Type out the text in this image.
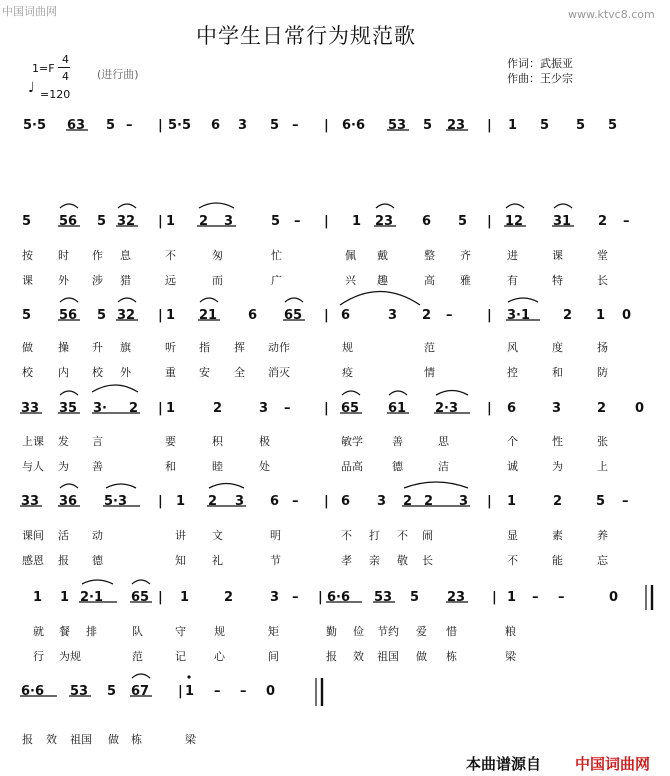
中国词曲网	www.ktvc8.com
中学生日常行为规范歌
1=F
4
4	(进行曲)
♩ =120
作词：武振亚
作曲：王少宗
5·5 63 5 – | 5·5 6 3 5 – | 6·6 53 5 23 | 1 5 5 5
5 56 5 32 | 1 2 3	5 – | 1 23 6 5 | 12 31 2 –
5 56 5 32 | 1 21 6 65 | 6	3 2 –	| 3·1	2 1 0
33 35 3· 2 | 1	2	3 –	| 65 61 2·3 | 6	3	2 0
33 36 5·3 | 1 2 3 6 – | 6 3 2 2 3 | 1	2	5 –
1 1 2·1 65 | 1	2	3 – | 6·6 53 5 23 | 1 – –	0
6·6 53 5 67 | 1 – – 0
按 时 作 息	不	匆	忙	佩 戴	整 齐	进	课	堂
课 外 涉 猎	远	而	广	兴 趣	高 雅	有	特	长
做 操 升 旗	听 指 挥 动作	规	范	风	度	扬
校 内 校 外	重 安 全 消灭	疫	情	控	和	防
上课 发 言	要	积	极	敏学	善	思	个	性	张
与人 为 善	和	睦	处	品高	德	洁	诚	为	上
课间 活 动	讲 文	明	不 打 不 闹	显	素	养
感恩 报 德	知 礼	节	孝 亲 敬 长	不	能	忘
就 餐 排	队	守	规	矩	勤 俭 节约 爱 惜	粮
行 为规	范	记	心	间	报 效 祖国 做 栋	梁
报 效 祖国 做 栋	梁
本曲谱源自 中国词曲网
